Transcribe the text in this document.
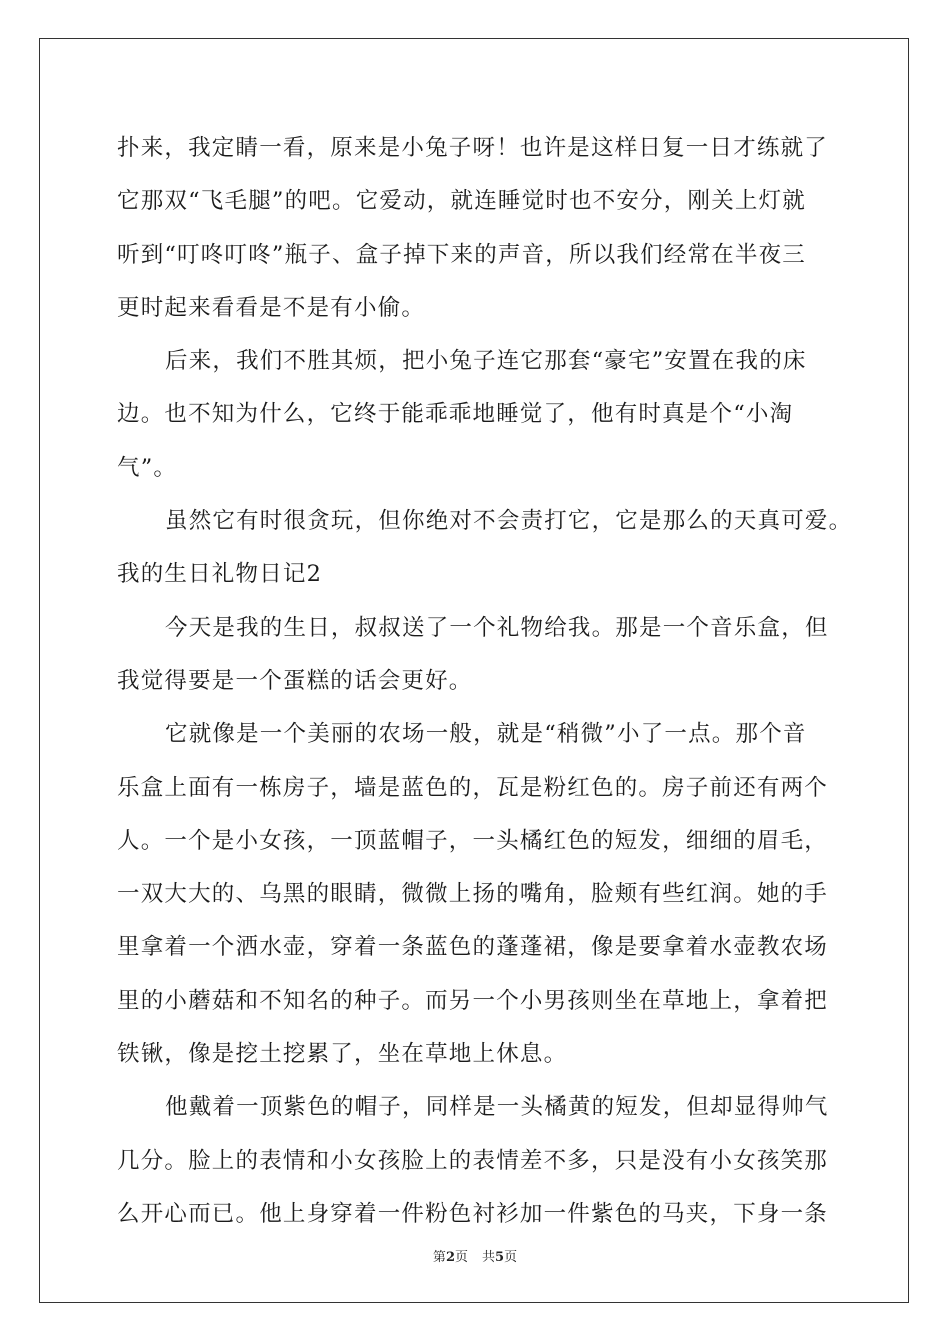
扑来，我定睛一看，原来是小兔子呀！也许是这样日复一日才练就了
它那双“飞毛腿”的吧。它爱动，就连睡觉时也不安分，刚关上灯就
听到“叮咚叮咚”瓶子、盒子掉下来的声音，所以我们经常在半夜三
更时起来看看是不是有小偷。
后来，我们不胜其烦，把小兔子连它那套“豪宅”安置在我的床
边。也不知为什么，它终于能乖乖地睡觉了，他有时真是个“小淘
气”。
虽然它有时很贪玩，但你绝对不会责打它，它是那么的天真可爱。
我的生日礼物日记2
今天是我的生日，叔叔送了一个礼物给我。那是一个音乐盒，但
我觉得要是一个蛋糕的话会更好。
它就像是一个美丽的农场一般，就是“稍微”小了一点。那个音
乐盒上面有一栋房子，墙是蓝色的，瓦是粉红色的。房子前还有两个
人。一个是小女孩，一顶蓝帽子，一头橘红色的短发，细细的眉毛，
一双大大的、乌黑的眼睛，微微上扬的嘴角，脸颊有些红润。她的手
里拿着一个洒水壶，穿着一条蓝色的蓬蓬裙，像是要拿着水壶教农场
里的小蘑菇和不知名的种子。而另一个小男孩则坐在草地上，拿着把
铁锹，像是挖土挖累了，坐在草地上休息。
他戴着一顶紫色的帽子，同样是一头橘黄的短发，但却显得帅气
几分。脸上的表情和小女孩脸上的表情差不多，只是没有小女孩笑那
么开心而已。他上身穿着一件粉色衬衫加一件紫色的马夹，下身一条
第2页 共5页
